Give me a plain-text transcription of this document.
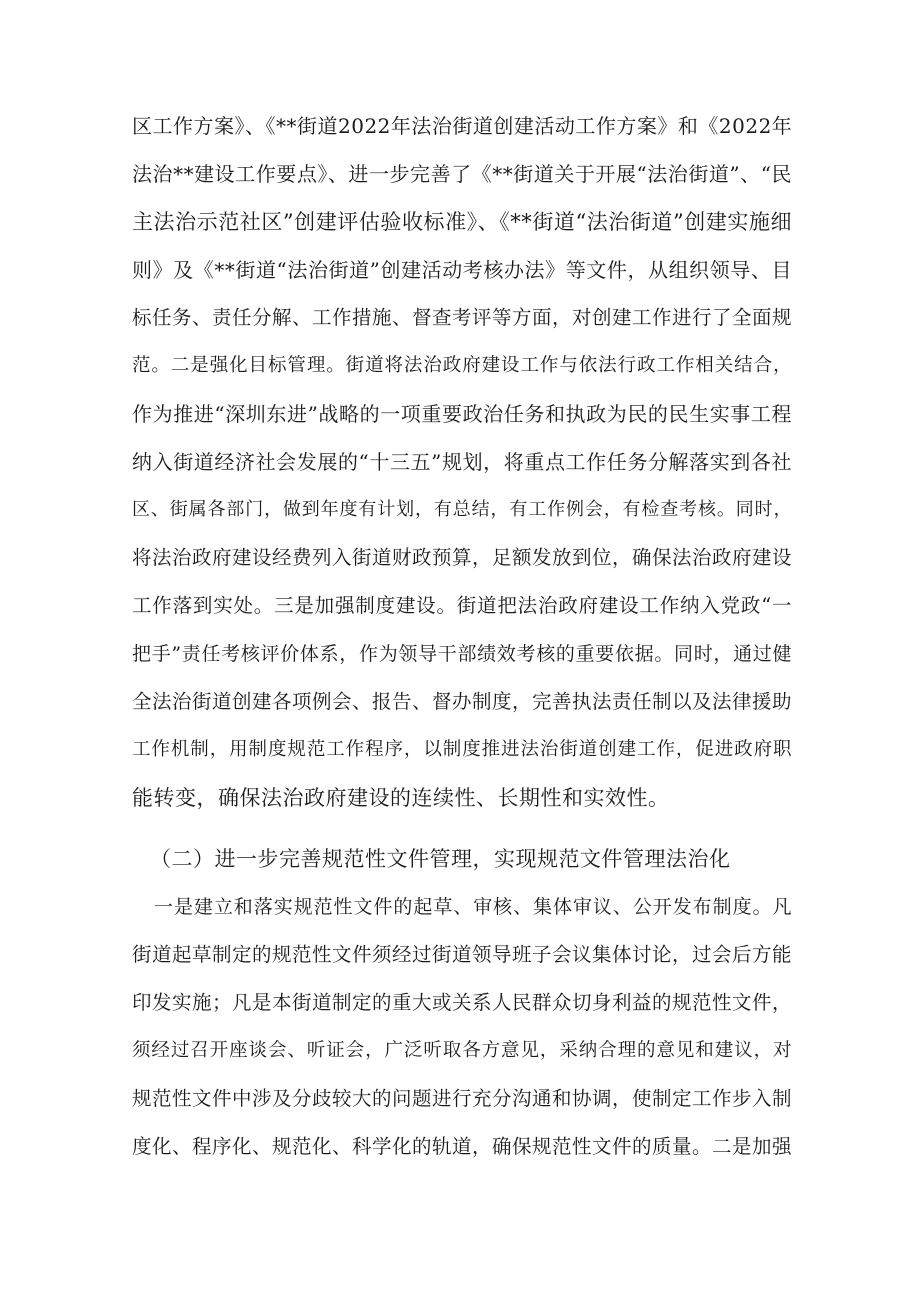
区工作方案》、《**街道2022年法治街道创建活动工作方案》和《2022年
法治**建设工作要点》、进一步完善了《**街道关于开展“法治街道”、“民
主法治示范社区”创建评估验收标准》、《**街道“法治街道”创建实施细
则》及《**街道“法治街道”创建活动考核办法》等文件，从组织领导、目
标任务、责任分解、工作措施、督查考评等方面，对创建工作进行了全面规
范。二是强化目标管理。街道将法治政府建设工作与依法行政工作相关结合，
作为推进“深圳东进”战略的一项重要政治任务和执政为民的民生实事工程
纳入街道经济社会发展的“十三五”规划，将重点工作任务分解落实到各社
区、街属各部门，做到年度有计划，有总结，有工作例会，有检查考核。同时，
将法治政府建设经费列入街道财政预算，足额发放到位，确保法治政府建设
工作落到实处。三是加强制度建设。街道把法治政府建设工作纳入党政“一
把手”责任考核评价体系，作为领导干部绩效考核的重要依据。同时，通过健
全法治街道创建各项例会、报告、督办制度，完善执法责任制以及法律援助
工作机制，用制度规范工作程序，以制度推进法治街道创建工作，促进政府职
能转变，确保法治政府建设的连续性、长期性和实效性。
（二）进一步完善规范性文件管理，实现规范文件管理法治化
一是建立和落实规范性文件的起草、审核、集体审议、公开发布制度。凡
街道起草制定的规范性文件须经过街道领导班子会议集体讨论，过会后方能
印发实施；凡是本街道制定的重大或关系人民群众切身利益的规范性文件，
须经过召开座谈会、听证会，广泛听取各方意见，采纳合理的意见和建议，对
规范性文件中涉及分歧较大的问题进行充分沟通和协调，使制定工作步入制
度化、程序化、规范化、科学化的轨道，确保规范性文件的质量。二是加强
